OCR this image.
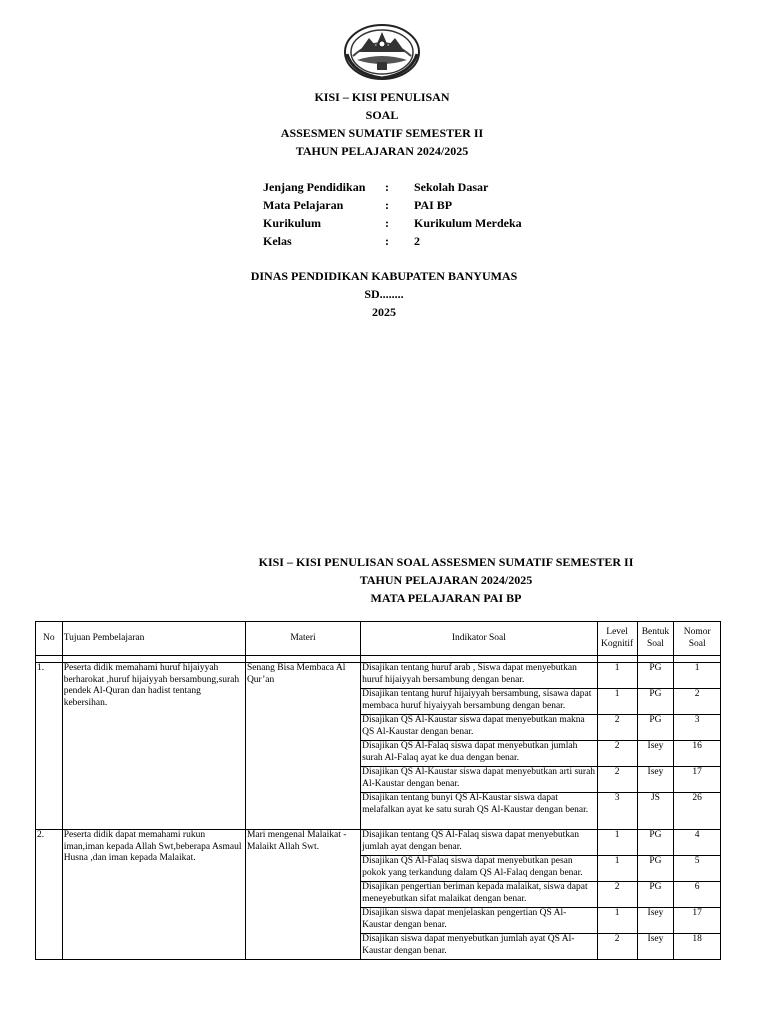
KISI – KISI PENULISAN
SOAL
ASSESMEN SUMATIF SEMESTER II
TAHUN PELAJARAN 2024/2025
Jenjang Pendidikan	:	Sekolah Dasar
Mata Pelajaran	:	PAI BP
Kurikulum	:	Kurikulum Merdeka
Kelas	:	2
DINAS PENDIDIKAN KABUPATEN BANYUMAS
SD........
2025
KISI – KISI PENULISAN SOAL ASSESMEN SUMATIF SEMESTER II
TAHUN PELAJARAN 2024/2025
MATA PELAJARAN PAI BP
No	Tujuan Pembelajaran	Materi	Indikator Soal	Level Kognitif	Bentuk Soal	Nomor Soal

1.	Peserta didik memahami huruf hijaiyyah berharokat ,huruf hijaiyyah bersambung,surah pendek Al-Quran dan hadist tentang kebersihan.	Senang Bisa Membaca Al Qur’an	Disajikan tentang huruf arab , Siswa dapat menyebutkan huruf hijaiyyah bersambung dengan benar.	1	PG	1
			Disajikan tentang huruf hijaiyyah bersambung, sisawa dapat membaca huruf hiyaiyyah bersambung dengan benar.	1	PG	2
			Disajikan QS Al-Kaustar siswa dapat menyebutkan makna QS Al-Kaustar dengan benar.	2	PG	3
			Disajikan QS Al-Falaq siswa dapat menyebutkan jumlah surah Al-Falaq ayat ke dua dengan benar.	2	Isey	16
			Disajikan QS Al-Kaustar siswa dapat menyebutkan arti surah Al-Kaustar dengan benar.	2	Isey	17
			Disajikan tentang bunyi QS Al-Kaustar siswa dapat melafalkan ayat ke satu surah QS Al-Kaustar dengan benar.	3	JS	26
2.	Peserta didik dapat memahami rukun iman,iman kepada Allah Swt,beberapa Asmaul Husna ,dan iman kepada Malaikat.	Mari mengenal Malaikat - Malaikt Allah Swt.	Disajikan tentang QS Al-Falaq siswa dapat menyebutkan jumlah ayat dengan benar.	1	PG	4
			Disajikan QS Al-Falaq siswa dapat menyebutkan pesan pokok yang terkandung dalam QS Al-Falaq dengan benar.	1	PG	5
			Disajikan pengertian beriman kepada malaikat, siswa dapat meneyebutkan sifat malaikat dengan benar.	2	PG	6
			Disajikan siswa dapat menjelaskan pengertian QS Al-Kaustar dengan benar.	1	Isey	17
			Disajikan siswa dapat menyebutkan jumlah ayat QS Al-Kaustar dengan benar.	2	Isey	18
